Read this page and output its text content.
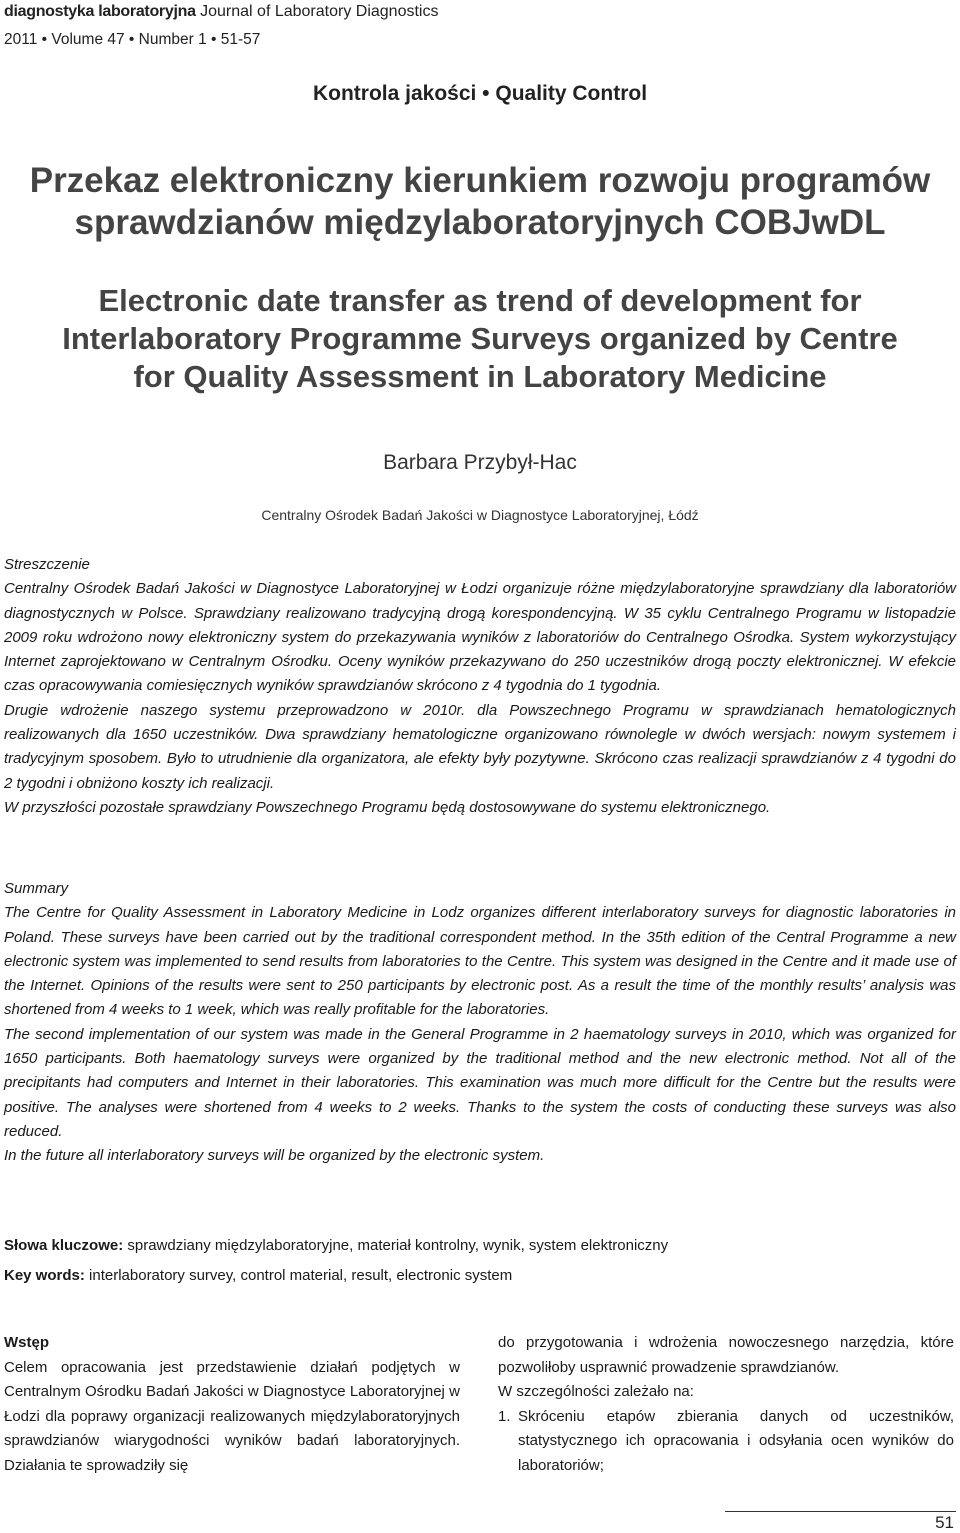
diagnostyka laboratoryjna Journal of Laboratory Diagnostics
2011 • Volume 47 • Number 1 • 51-57
Kontrola jakości • Quality Control
Przekaz elektroniczny kierunkiem rozwoju programów
sprawdzianów międzylaboratoryjnych COBJwDL
Electronic date transfer as trend of development for
Interlaboratory Programme Surveys organized by Centre
for Quality Assessment in Laboratory Medicine
Barbara Przybył-Hac
Centralny Ośrodek Badań Jakości w Diagnostyce Laboratoryjnej, Łódź
Streszczenie

Centralny Ośrodek Badań Jakości w Diagnostyce Laboratoryjnej w Łodzi organizuje różne międzylaboratoryjne sprawdziany dla laboratoriów diagnostycznych w Polsce. Sprawdziany realizowano tradycyjną drogą korespondencyjną. W 35 cyklu Centralnego Programu w listopadzie 2009 roku wdrożono nowy elektroniczny system do przekazywania wyników z laboratoriów do Centralnego Ośrodka. System wykorzystujący Internet zaprojektowano w Centralnym Ośrodku. Oceny wyników przekazywano do 250 uczestników drogą poczty elektronicznej. W efekcie czas opracowywania comiesięcznych wyników sprawdzianów skrócono z 4 tygodnia do 1 tygodnia.

Drugie wdrożenie naszego systemu przeprowadzono w 2010r. dla Powszechnego Programu w sprawdzianach hematologicznych realizowanych dla 1650 uczestników. Dwa sprawdziany hematologiczne organizowano równolegle w dwóch wersjach: nowym systemem i tradycyjnym sposobem. Było to utrudnienie dla organizatora, ale efekty były pozytywne. Skrócono czas realizacji sprawdzianów z 4 tygodni do 2 tygodni i obniżono koszty ich realizacji.

W przyszłości pozostałe sprawdziany Powszechnego Programu będą dostosowywane do systemu elektronicznego.

Summary

The Centre for Quality Assessment in Laboratory Medicine in Lodz organizes different interlaboratory surveys for diagnostic laboratories in Poland. These surveys have been carried out by the traditional correspondent method. In the 35th edition of the Central Programme a new electronic system was implemented to send results from laboratories to the Centre. This system was designed in the Centre and it made use of the Internet. Opinions of the results were sent to 250 participants by electronic post. As a result the time of the monthly results’ analysis was shortened from 4 weeks to 1 week, which was really profitable for the laboratories.

The second implementation of our system was made in the General Programme in 2 haematology surveys in 2010, which was organized for 1650 participants. Both haematology surveys were organized by the traditional method and the new electronic method. Not all of the precipitants had computers and Internet in their laboratories. This examination was much more difficult for the Centre but the results were positive. The analyses were shortened from 4 weeks to 2 weeks. Thanks to the system the costs of conducting these surveys was also reduced.

In the future all interlaboratory surveys will be organized by the electronic system.

Słowa kluczowe: sprawdziany międzylaboratoryjne, materiał kontrolny, wynik, system elektroniczny
Key words: interlaboratory survey, control material, result, electronic system
Wstęp

Celem opracowania jest przedstawienie działań podjętych w Centralnym Ośrodku Badań Jakości w Diagnostyce Laboratoryjnej w Łodzi dla poprawy organizacji realizowanych międzylaboratoryjnych sprawdzianów wiarygodności wyników badań laboratoryjnych. Działania te sprowadziły się

do przygotowania i wdrożenia nowoczesnego narzędzia, które pozwoliłoby usprawnić prowadzenie sprawdzianów.

W szczególności zależało na:

1. Skróceniu etapów zbierania danych od uczestników, statystycznego ich opracowania i odsyłania ocen wyników do laboratoriów;
51
